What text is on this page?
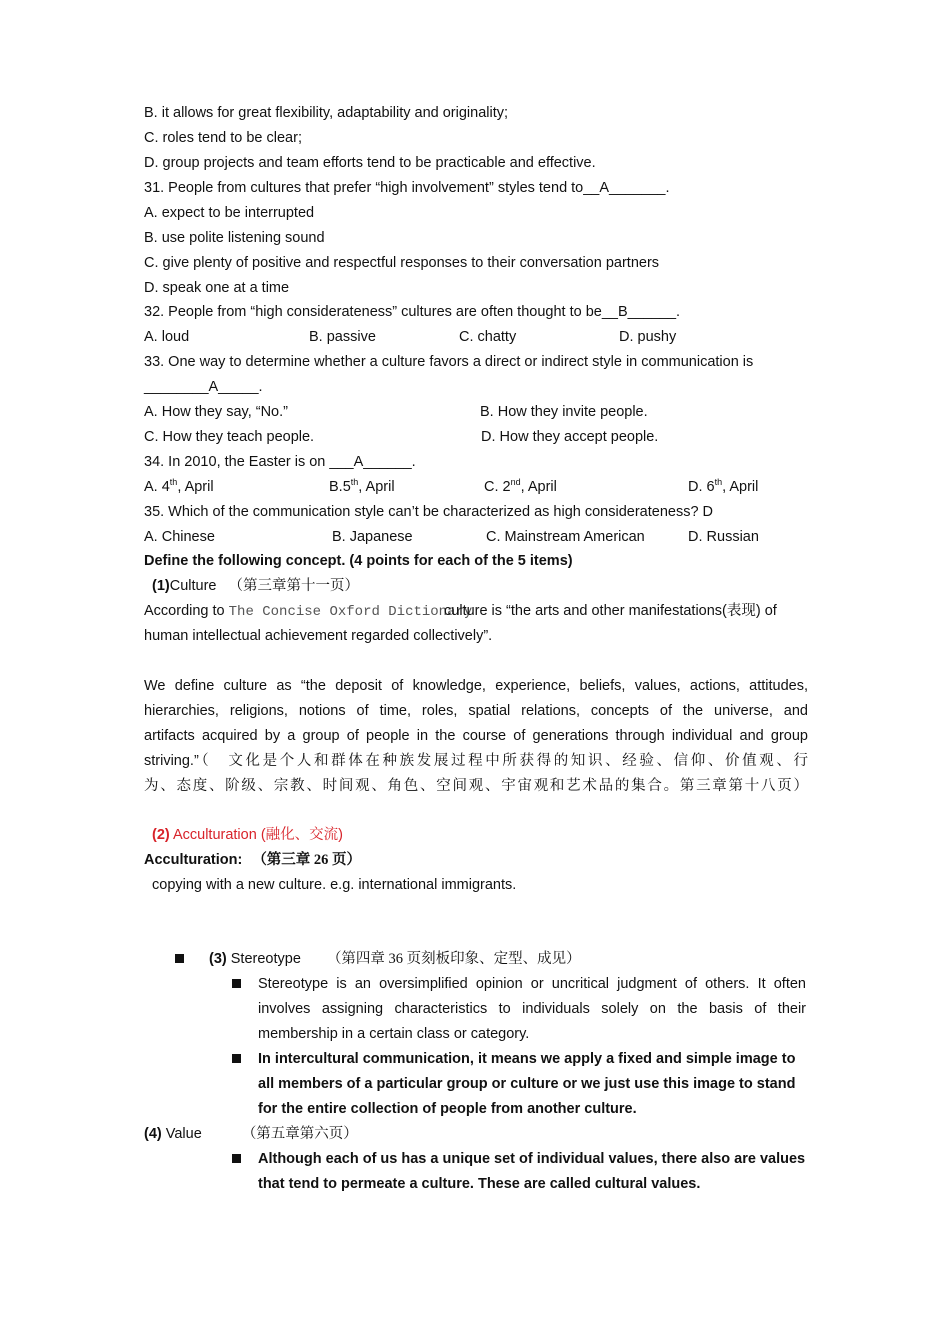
B. it allows for great flexibility, adaptability and originality;
C. roles tend to be clear;
D. group projects and team efforts tend to be practicable and effective.
31. People from cultures that prefer “high involvement” styles tend to__A_______.
A. expect to be interrupted
B. use polite listening sound
C. give plenty of positive and respectful responses to their conversation partners
D. speak one at a time
32. People from “high considerateness” cultures are often thought to be__B______.
A. loud	B. passive	C. chatty	D. pushy
33. One way to determine whether a culture favors a direct or indirect style in communication is
________A_____.
A. How they say, “No.”	B. How they invite people.
C. How they teach people.	D. How they accept people.
34. In 2010, the Easter is on ___A______.
A. 4th, April	B.5th, April	C. 2nd, April	D. 6th, April
35. Which of the communication style can’t be characterized as high considerateness? D
A. Chinese	B. Japanese	C. Mainstream American	D. Russian
Define the following concept. (4 points for each of the 5 items)
(1)Culture （第三章第十一页）
According to The Concise Oxford Dictionary
culture is “the arts and other manifestations(表现) of
human intellectual achievement regarded collectively”.
We define culture as “the deposit of knowledge, experience, beliefs, values, actions, attitudes,
hierarchies, religions, notions of time, roles, spatial relations, concepts of the universe, and
artifacts acquired by a group of people in the course of generations through individual and group
striving.”（　文化是个人和群体在种族发展过程中所获得的知识、经验、信仰、价值观、行
为、态度、阶级、宗教、时间观、角色、空间观、宇宙观和艺术品的集合。第三章第十八页）
(2) Acculturation (融化、交流)
Acculturation: （第三章 26 页）
copying with a new culture. e.g. international immigrants.
(3) Stereotype （第四章 36 页刻板印象、定型、成见）
Stereotype is an oversimplified opinion or uncritical judgment of others. It often
involves assigning characteristics to individuals solely on the basis of their
membership in a certain class or category.
In intercultural communication, it means we apply a fixed and simple image to
all members of a particular group or culture or we just use this image to stand
for the entire collection of people from another culture.
(4) Value	（第五章第六页）
Although each of us has a unique set of individual values, there also are values
that tend to permeate a culture. These are called cultural values.
